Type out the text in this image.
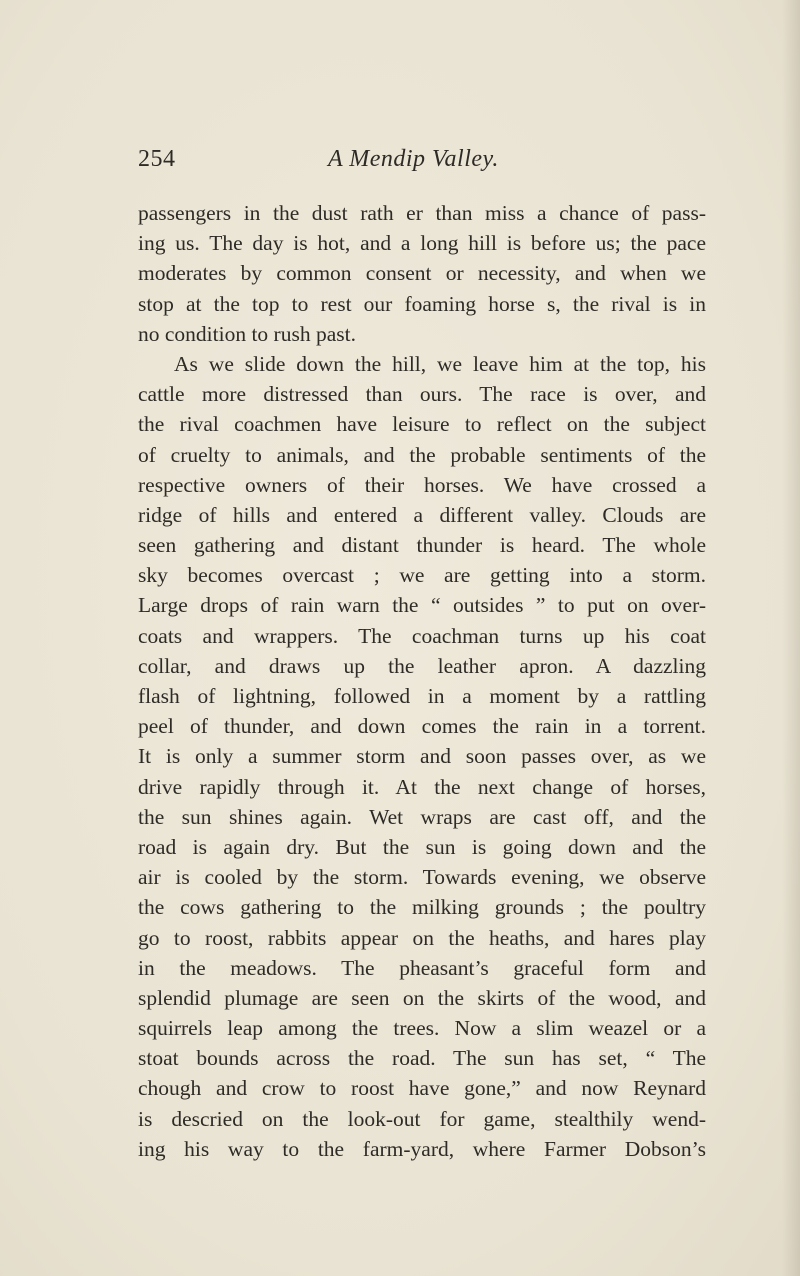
254	A Mendip Valley.
passengers in the dust rath er than miss a chance of pass-
ing us. The day is hot, and a long hill is before us; the pace
moderates by common consent or necessity, and when we
stop at the top to rest our foaming horse s, the rival is in
no condition to rush past.
As we slide down the hill, we leave him at the top, his
cattle more distressed than ours. The race is over, and
the rival coachmen have leisure to reflect on the subject
of cruelty to animals, and the probable sentiments of the
respective owners of their horses. We have crossed a
ridge of hills and entered a different valley. Clouds are
seen gathering and distant thunder is heard. The whole
sky becomes overcast ; we are getting into a storm.
Large drops of rain warn the “ outsides ” to put on over-
coats and wrappers. The coachman turns up his coat
collar, and draws up the leather apron. A dazzling
flash of lightning, followed in a moment by a rattling
peel of thunder, and down comes the rain in a torrent.
It is only a summer storm and soon passes over, as we
drive rapidly through it. At the next change of horses,
the sun shines again. Wet wraps are cast off, and the
road is again dry. But the sun is going down and the
air is cooled by the storm. Towards evening, we observe
the cows gathering to the milking grounds ; the poultry
go to roost, rabbits appear on the heaths, and hares play
in the meadows. The pheasant’s graceful form and
splendid plumage are seen on the skirts of the wood, and
squirrels leap among the trees. Now a slim weazel or a
stoat bounds across the road. The sun has set, “ The
chough and crow to roost have gone,” and now Reynard
is descried on the look-out for game, stealthily wend-
ing his way to the farm-yard, where Farmer Dobson’s
